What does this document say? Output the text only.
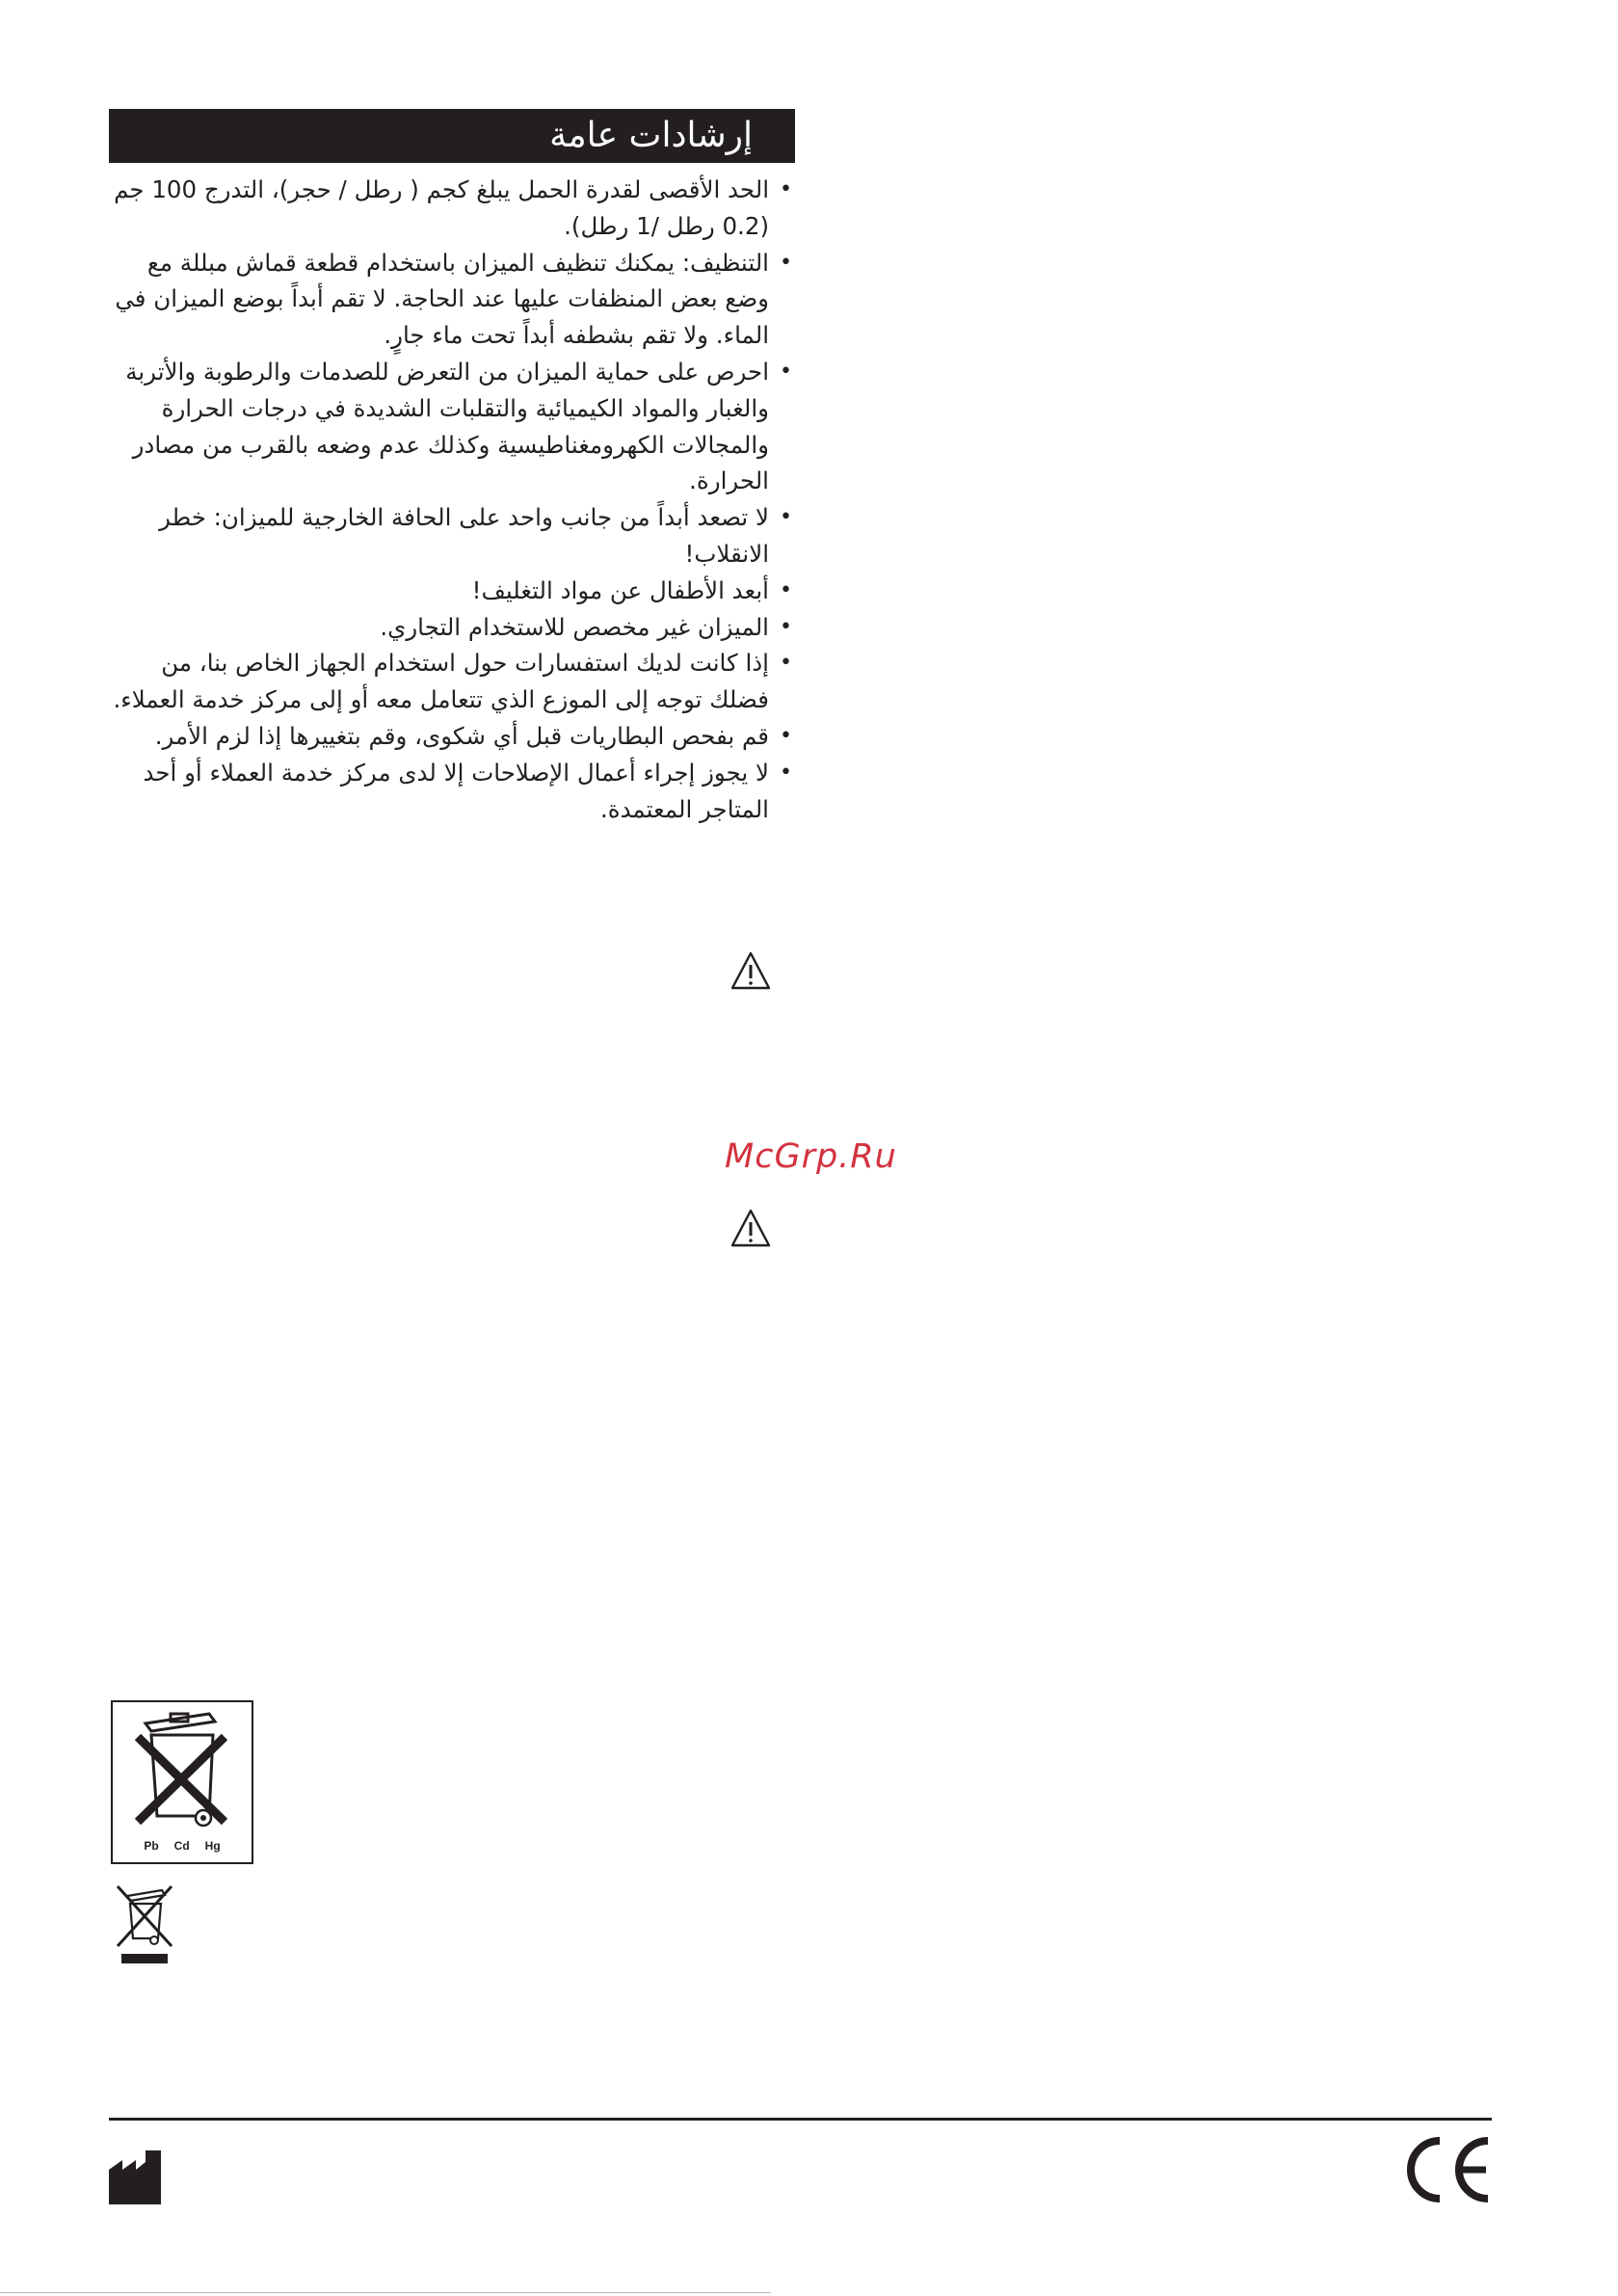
إرشادات عامة
• الحد الأقصى لقدرة الحمل يبلغ كجم ( رطل / حجر)، التدرج 100 جم (0.2 رطل /1 رطل).
• التنظيف: يمكنك تنظيف الميزان باستخدام قطعة قماش مبللة مع وضع بعض المنظفات عليها عند الحاجة. لا تقم أبداً بوضع الميزان في الماء. ولا تقم بشطفه أبداً تحت ماء جارٍ.
• احرص على حماية الميزان من التعرض للصدمات والرطوبة والأتربة والغبار والمواد الكيميائية والتقلبات الشديدة في درجات الحرارة والمجالات الكهرومغناطيسية وكذلك عدم وضعه بالقرب من مصادر الحرارة.
• لا تصعد أبداً من جانب واحد على الحافة الخارجية للميزان: خطر الانقلاب!
• أبعد الأطفال عن مواد التغليف!
• الميزان غير مخصص للاستخدام التجاري.
• إذا كانت لديك استفسارات حول استخدام الجهاز الخاص بنا، من فضلك توجه إلى الموزع الذي تتعامل معه أو إلى مركز خدمة العملاء.
• قم بفحص البطاريات قبل أي شكوى، وقم بتغييرها إذا لزم الأمر.
• لا يجوز إجراء أعمال الإصلاحات إلا لدى مركز خدمة العملاء أو أحد المتاجر المعتمدة.
McGrp.Ru
Pb Cd Hg
